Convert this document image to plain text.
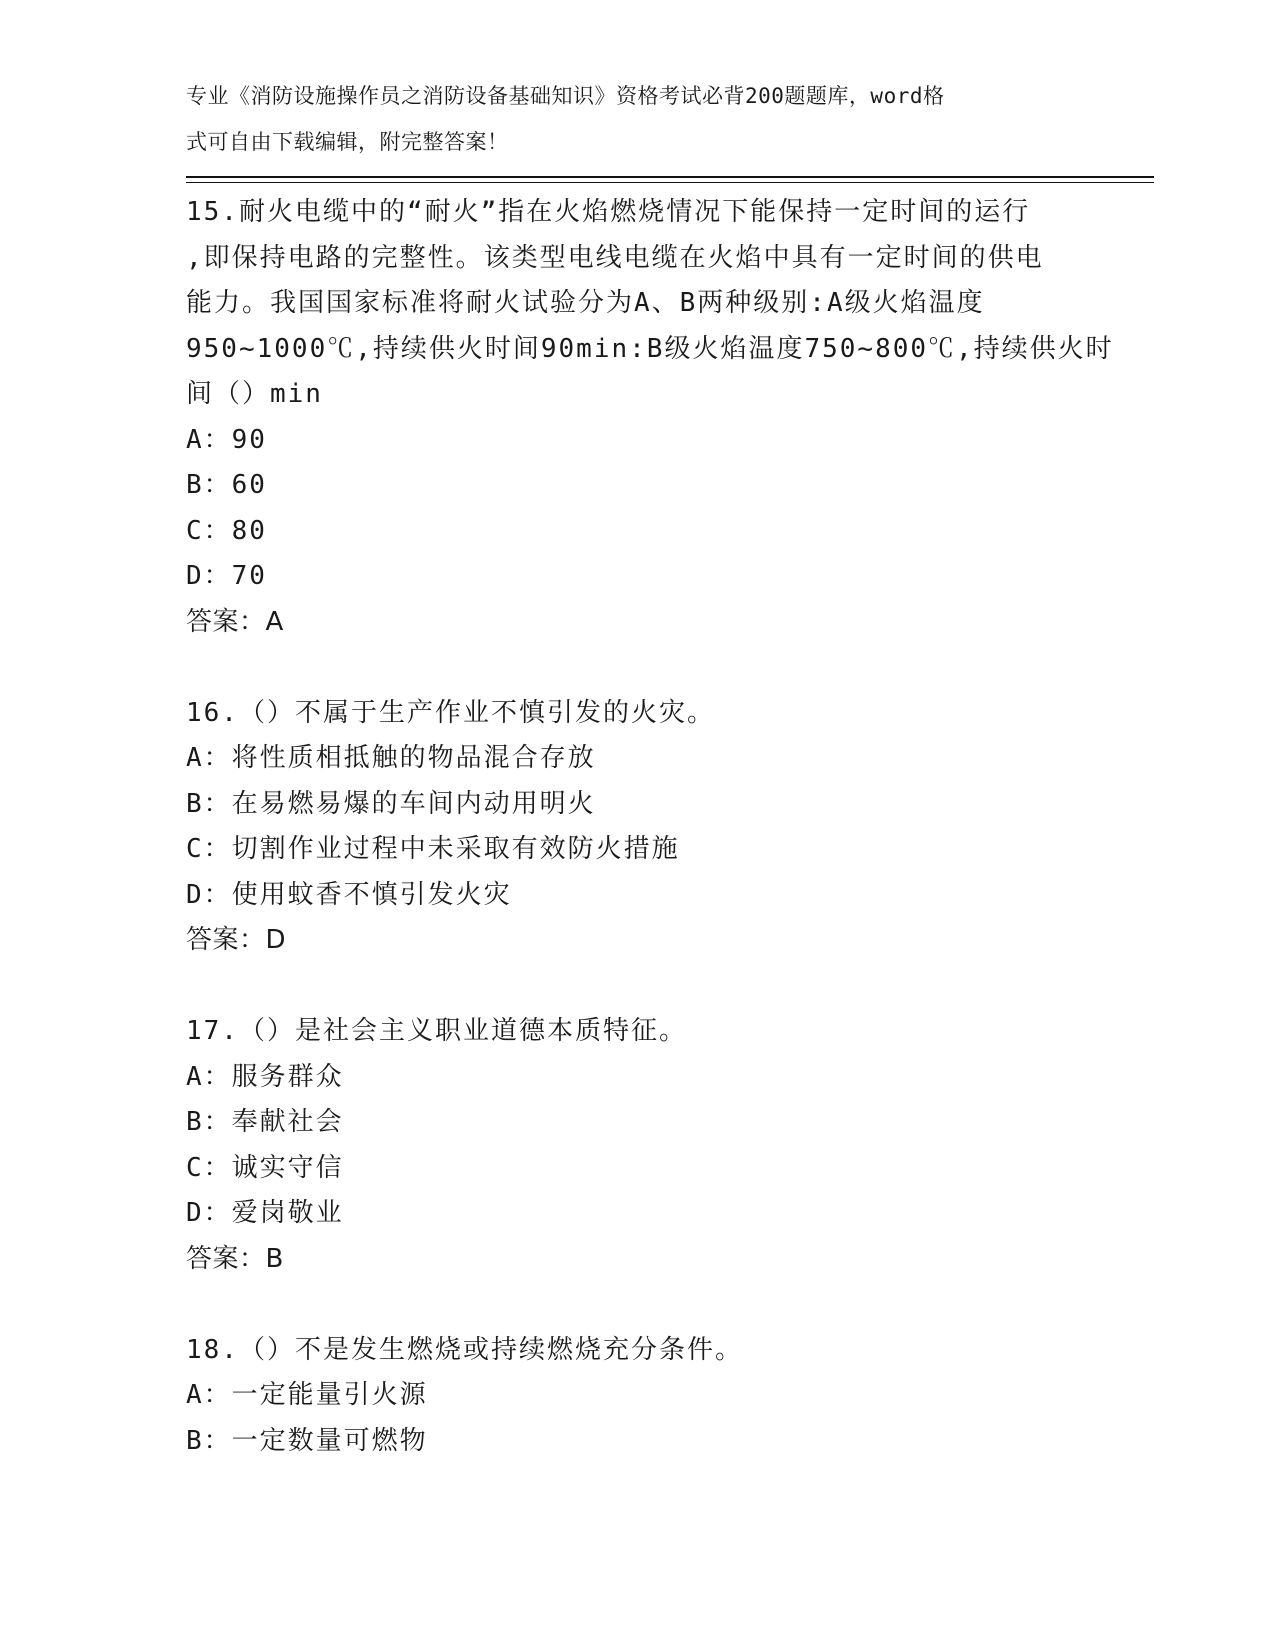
专业《消防设施操作员之消防设备基础知识》资格考试必背200题题库，word格
式可自由下载编辑，附完整答案！
15.耐火电缆中的“耐火”指在火焰燃烧情况下能保持一定时间的运行
,即保持电路的完整性。该类型电线电缆在火焰中具有一定时间的供电
能力。我国国家标准将耐火试验分为A、B两种级别:A级火焰温度
950~1000℃,持续供火时间90min:B级火焰温度750~800℃,持续供火时
间（）min
A：90
B：60
C：80
D：70
答案：A
16.（）不属于生产作业不慎引发的火灾。
A：将性质相抵触的物品混合存放
B：在易燃易爆的车间内动用明火
C：切割作业过程中未采取有效防火措施
D：使用蚊香不慎引发火灾
答案：D
17.（）是社会主义职业道德本质特征。
A：服务群众
B：奉献社会
C：诚实守信
D：爱岗敬业
答案：B
18.（）不是发生燃烧或持续燃烧充分条件。
A：一定能量引火源
B：一定数量可燃物
